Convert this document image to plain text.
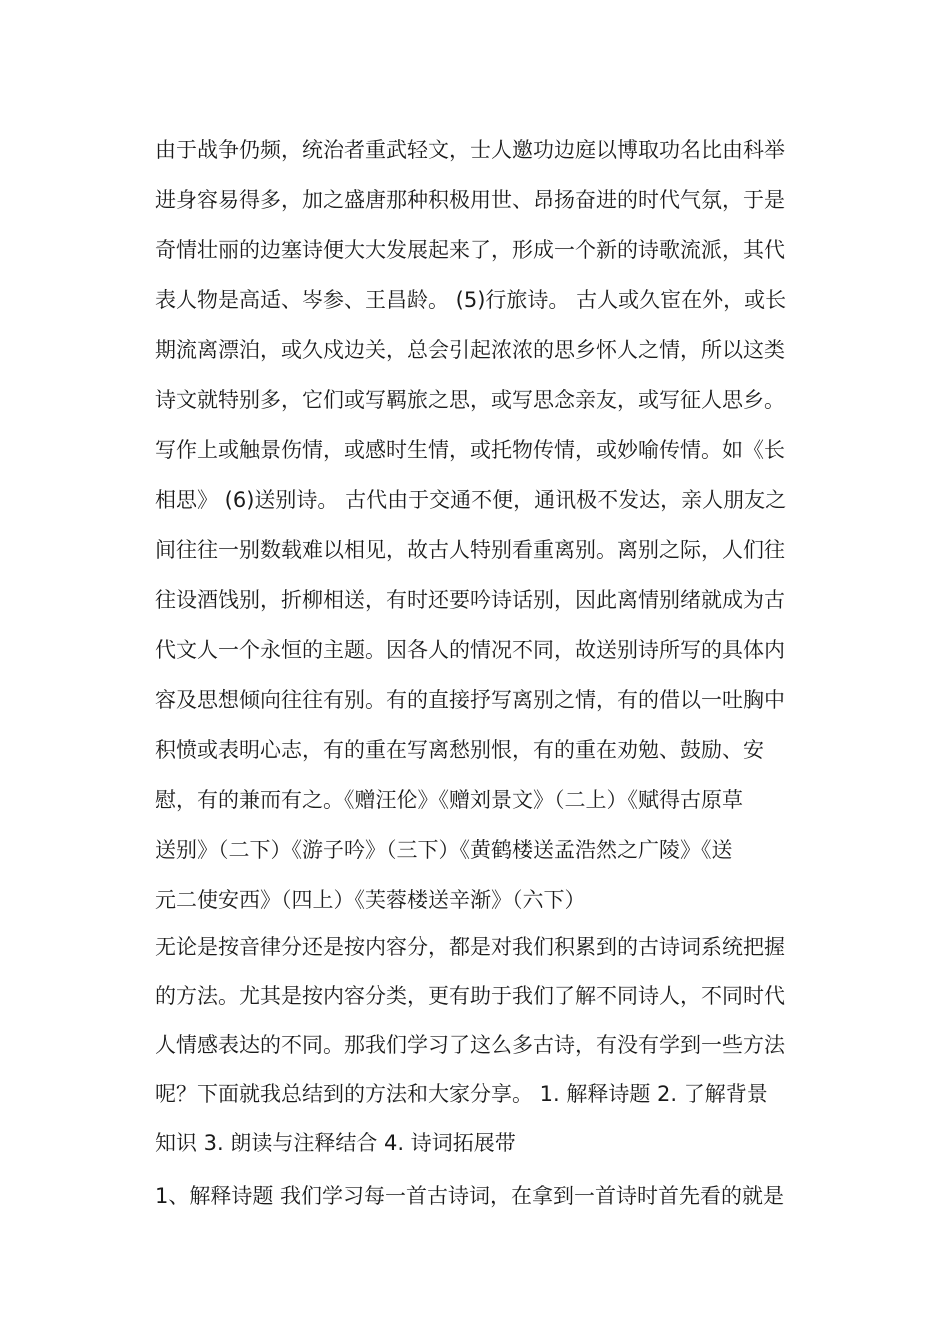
由于战争仍频，统治者重武轻文，士人邀功边庭以博取功名比由科举
进身容易得多，加之盛唐那种积极用世、昂扬奋进的时代气氛，于是
奇情壮丽的边塞诗便大大发展起来了，形成一个新的诗歌流派，其代
表人物是高适、岑参、王昌龄。 (5)行旅诗。 古人或久宦在外，或长
期流离漂泊，或久戍边关，总会引起浓浓的思乡怀人之情，所以这类
诗文就特别多，它们或写羁旅之思，或写思念亲友，或写征人思乡。
写作上或触景伤情，或感时生情，或托物传情，或妙喻传情。如《长
相思》 (6)送别诗。 古代由于交通不便，通讯极不发达，亲人朋友之
间往往一别数载难以相见，故古人特别看重离别。离别之际，人们往
往设酒饯别，折柳相送，有时还要吟诗话别，因此离情别绪就成为古
代文人一个永恒的主题。因各人的情况不同，故送别诗所写的具体内
容及思想倾向往往有别。有的直接抒写离别之情，有的借以一吐胸中
积愤或表明心志，有的重在写离愁别恨，有的重在劝勉、鼓励、安
慰，有的兼而有之。《赠汪伦》《赠刘景文》（二上）《赋得古原草
送别》（二下）《游子吟》（三下）《黄鹤楼送孟浩然之广陵》《送
元二使安西》（四上）《芙蓉楼送辛渐》（六下）
无论是按音律分还是按内容分，都是对我们积累到的古诗词系统把握
的方法。尤其是按内容分类，更有助于我们了解不同诗人，不同时代
人情感表达的不同。那我们学习了这么多古诗，有没有学到一些方法
呢？下面就我总结到的方法和大家分享。 1. 解释诗题 2. 了解背景
知识 3. 朗读与注释结合 4. 诗词拓展带
1、解释诗题 我们学习每一首古诗词，在拿到一首诗时首先看的就是
